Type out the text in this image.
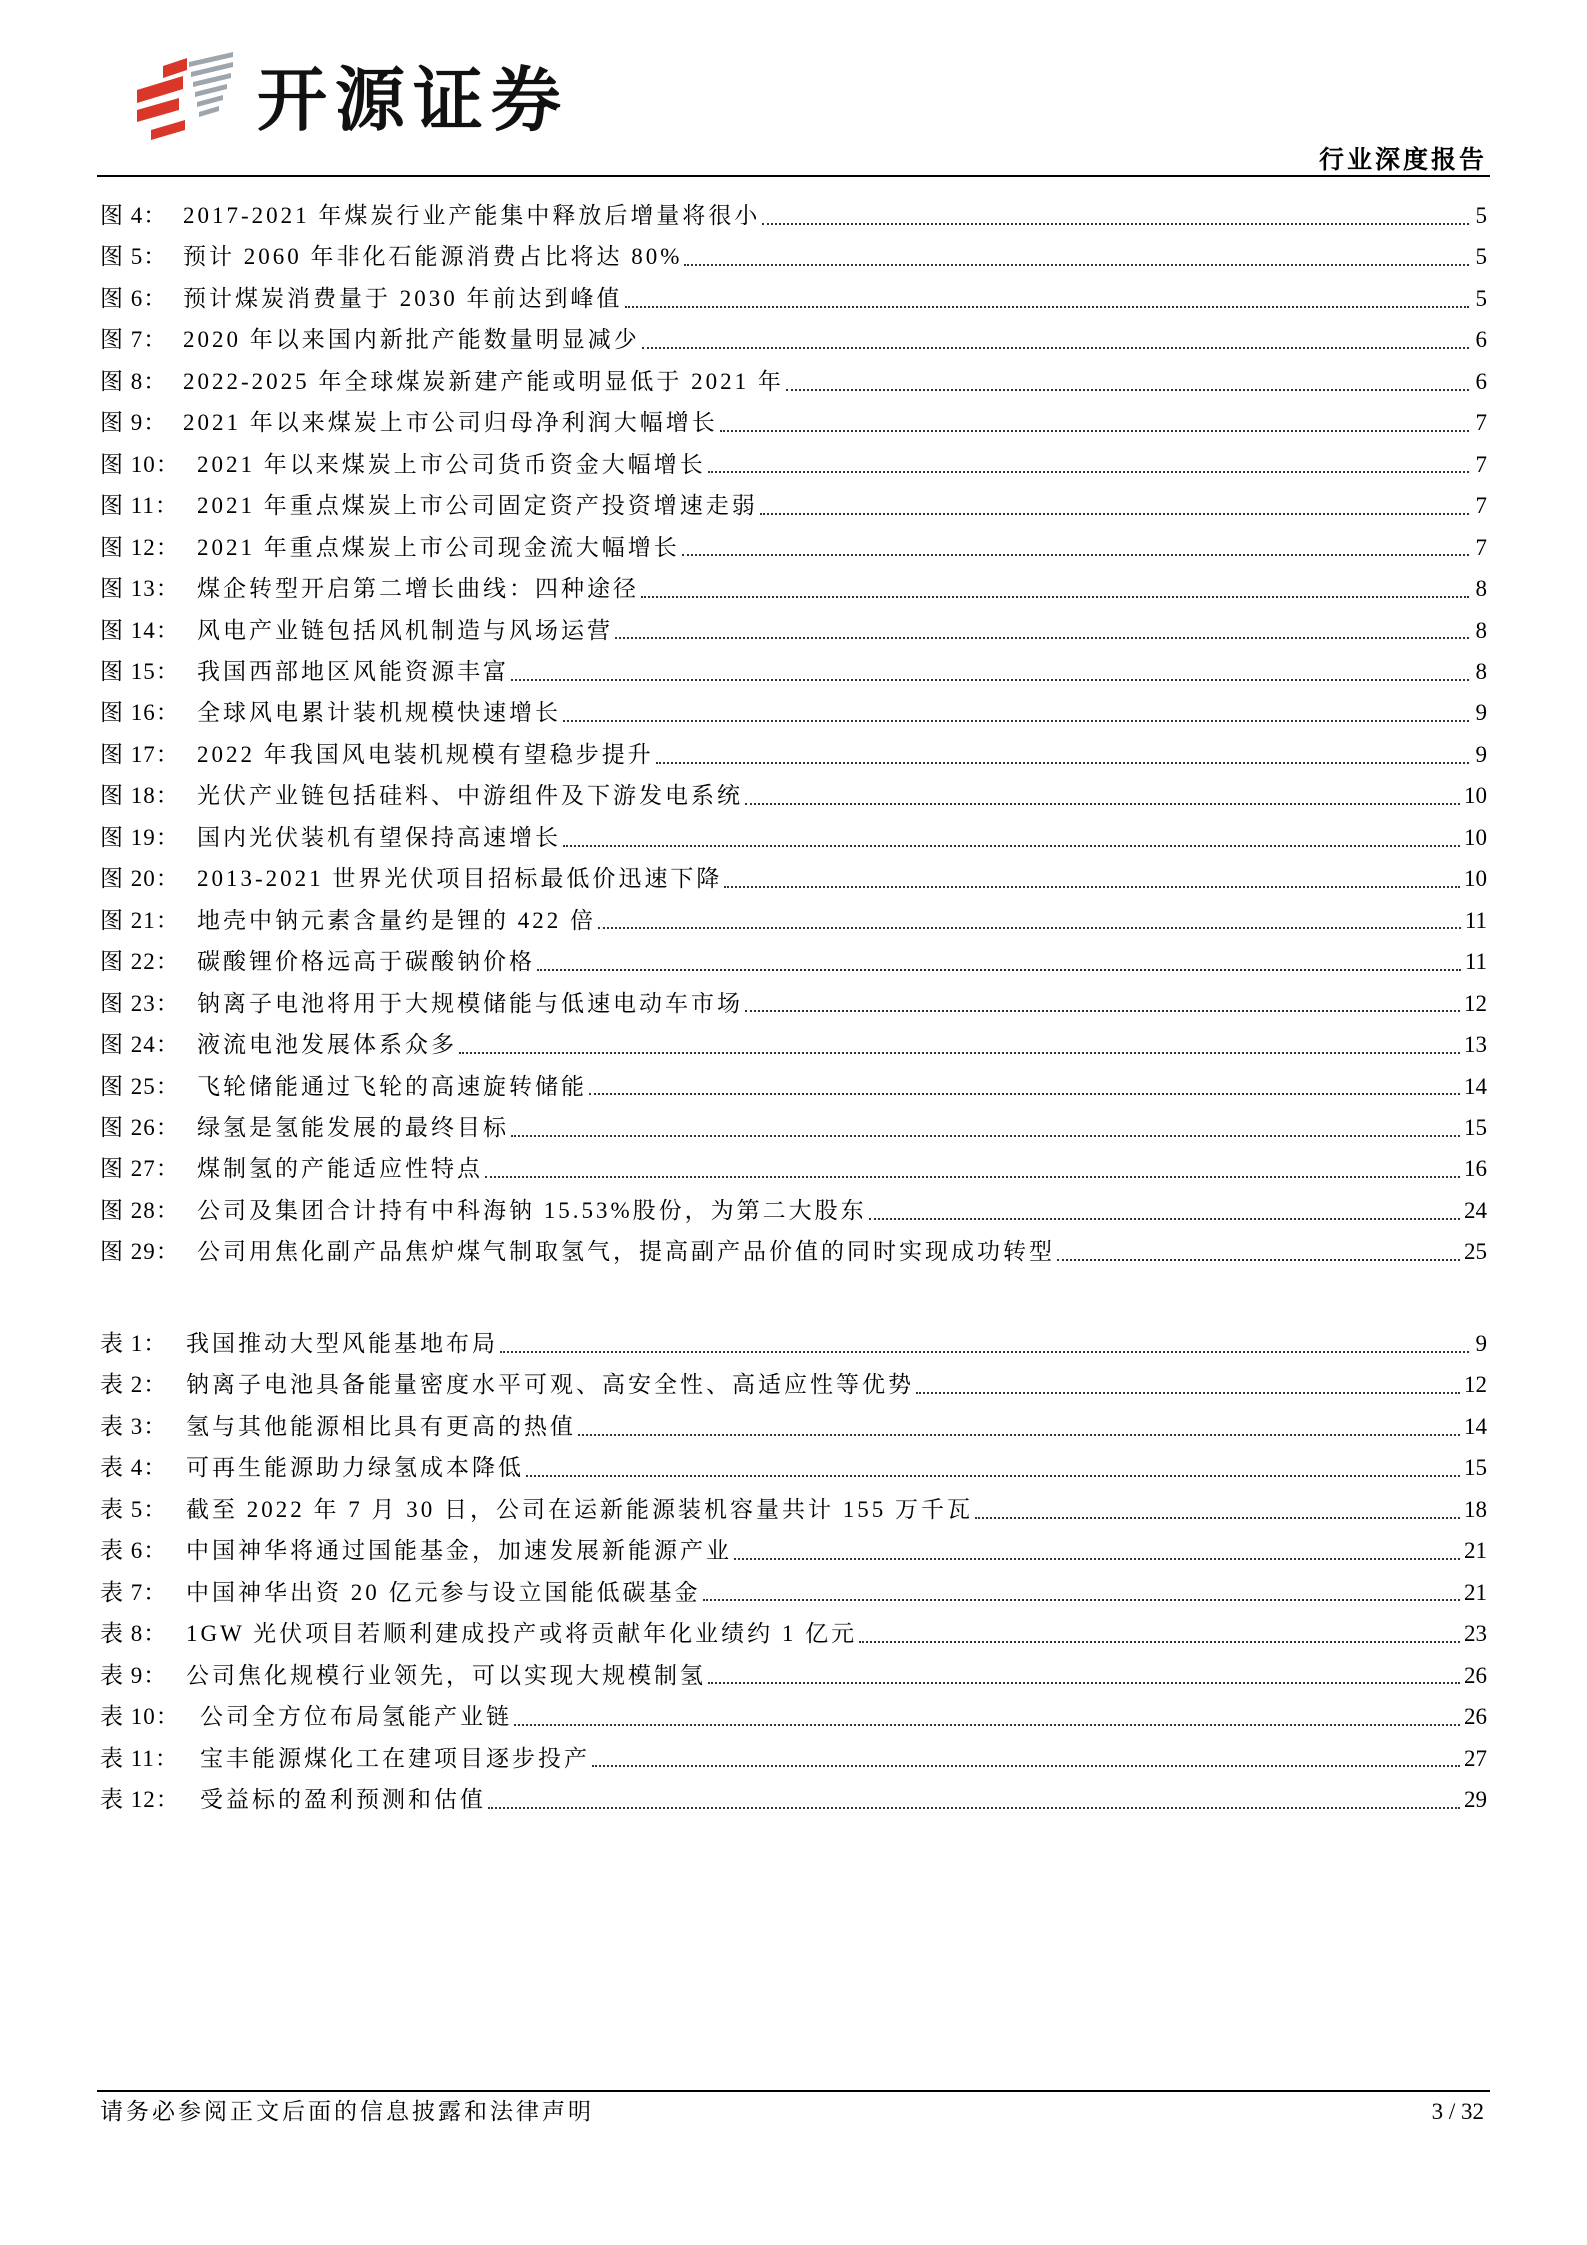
开源证券
行业深度报告
图 4： 2017-2021 年煤炭行业产能集中释放后增量将很小	5
图 5： 预计 2060 年非化石能源消费占比将达 80%	5
图 6： 预计煤炭消费量于 2030 年前达到峰值	5
图 7： 2020 年以来国内新批产能数量明显减少	6
图 8： 2022-2025 年全球煤炭新建产能或明显低于 2021 年	6
图 9： 2021 年以来煤炭上市公司归母净利润大幅增长	7
图 10： 2021 年以来煤炭上市公司货币资金大幅增长	7
图 11： 2021 年重点煤炭上市公司固定资产投资增速走弱	7
图 12： 2021 年重点煤炭上市公司现金流大幅增长	7
图 13： 煤企转型开启第二增长曲线：四种途径	8
图 14： 风电产业链包括风机制造与风场运营	8
图 15： 我国西部地区风能资源丰富	8
图 16： 全球风电累计装机规模快速增长	9
图 17： 2022 年我国风电装机规模有望稳步提升	9
图 18： 光伏产业链包括硅料、中游组件及下游发电系统	10
图 19： 国内光伏装机有望保持高速增长	10
图 20： 2013-2021 世界光伏项目招标最低价迅速下降	10
图 21： 地壳中钠元素含量约是锂的 422 倍	11
图 22： 碳酸锂价格远高于碳酸钠价格	11
图 23： 钠离子电池将用于大规模储能与低速电动车市场	12
图 24： 液流电池发展体系众多	13
图 25： 飞轮储能通过飞轮的高速旋转储能	14
图 26： 绿氢是氢能发展的最终目标	15
图 27： 煤制氢的产能适应性特点	16
图 28： 公司及集团合计持有中科海钠 15.53%股份，为第二大股东	24
图 29： 公司用焦化副产品焦炉煤气制取氢气，提高副产品价值的同时实现成功转型	25
表 1： 我国推动大型风能基地布局	9
表 2： 钠离子电池具备能量密度水平可观、高安全性、高适应性等优势	12
表 3： 氢与其他能源相比具有更高的热值	14
表 4： 可再生能源助力绿氢成本降低	15
表 5： 截至 2022 年 7 月 30 日，公司在运新能源装机容量共计 155 万千瓦	18
表 6： 中国神华将通过国能基金，加速发展新能源产业	21
表 7： 中国神华出资 20 亿元参与设立国能低碳基金	21
表 8： 1GW 光伏项目若顺利建成投产或将贡献年化业绩约 1 亿元	23
表 9： 公司焦化规模行业领先，可以实现大规模制氢	26
表 10： 公司全方位布局氢能产业链	26
表 11： 宝丰能源煤化工在建项目逐步投产	27
表 12： 受益标的盈利预测和估值	29
请务必参阅正文后面的信息披露和法律声明	3 / 32
